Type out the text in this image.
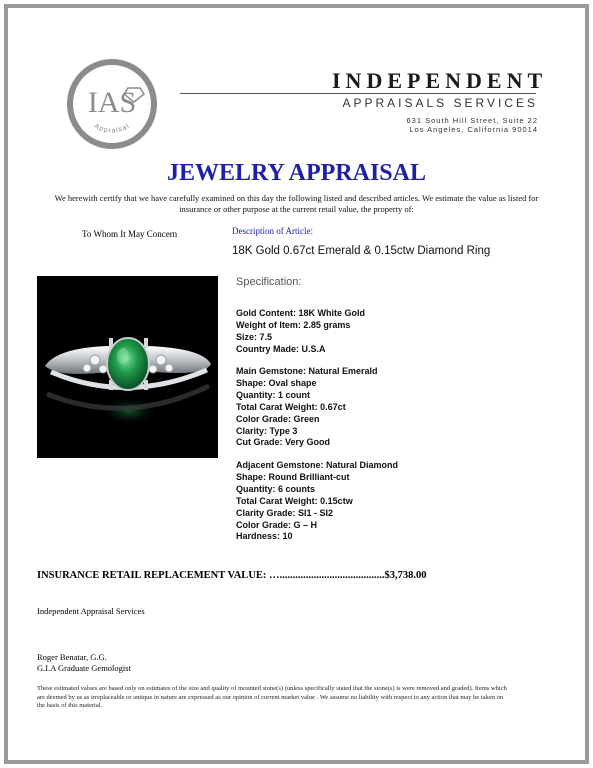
IAS
Appraisal
INDEPENDENT
APPRAISALS SERVICES
631 South Hill Street, Suite 22
Los Angeles, California 90014
JEWELRY APPRAISAL
We herewith certify that we have carefully examined on this day the following listed and described articles. We estimate the value as listed for insurance or other purpose at the current retail value, the property of:
To Whom It May Concern	Description of Article:
18K Gold 0.67ct Emerald & 0.15ctw Diamond Ring
Specification:
Gold Content: 18K White Gold
Weight of Item: 2.85 grams
Size: 7.5
Country Made: U.S.A
Main Gemstone: Natural Emerald
Shape: Oval shape
Quantity: 1 count
Total Carat Weight: 0.67ct
Color Grade: Green
Clarity: Type 3
Cut Grade: Very Good
Adjacent Gemstone: Natural Diamond
Shape: Round Brilliant-cut
Quantity: 6 counts
Total Carat Weight: 0.15ctw
Clarity Grade: SI1 - SI2
Color Grade: G – H
Hardness: 10
INSURANCE RETAIL REPLACEMENT VALUE: …........................................$3,738.00
Independent Appraisal Services
Roger Benatar, G.G.
G.I.A Graduate Gemologist
These estimated values are based only on estimates of the size and quality of mounted stone(s) (unless specifically stated that the stone(s) is were removed and graded). Items which are deemed by us as irreplaceable or antique in nature are expressed as our opinion of current market value . We assume no liability with respect to any action that may be taken on the basis of this material.
